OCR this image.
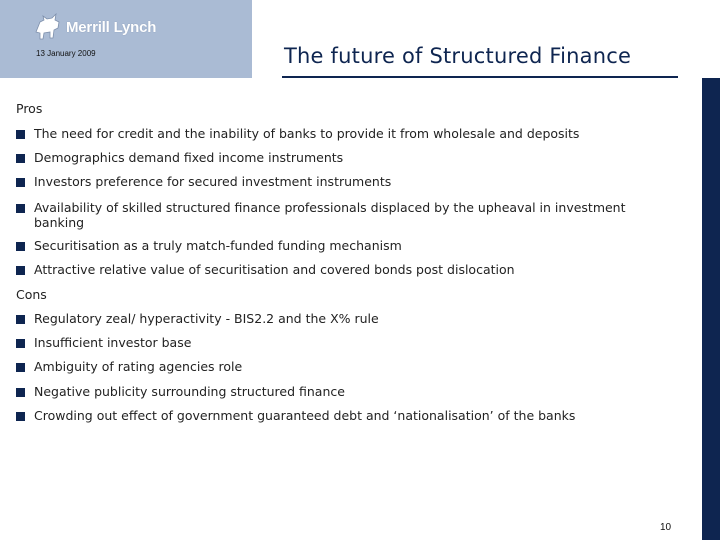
Merrill Lynch
13 January 2009	The future of Structured Finance
Pros
The need for credit and the inability of banks to provide it from wholesale and deposits
Demographics demand fixed income instruments
Investors preference for secured investment instruments
Availability of skilled structured finance professionals displaced by the upheaval in investment banking
Securitisation as a truly match-funded funding mechanism
Attractive relative value of securitisation and covered bonds post dislocation
Cons
Regulatory zeal/ hyperactivity - BIS2.2 and the X% rule
Insufficient investor base
Ambiguity of rating agencies role
Negative publicity surrounding structured finance
Crowding out effect of government guaranteed debt and ‘nationalisation’ of the banks
10
